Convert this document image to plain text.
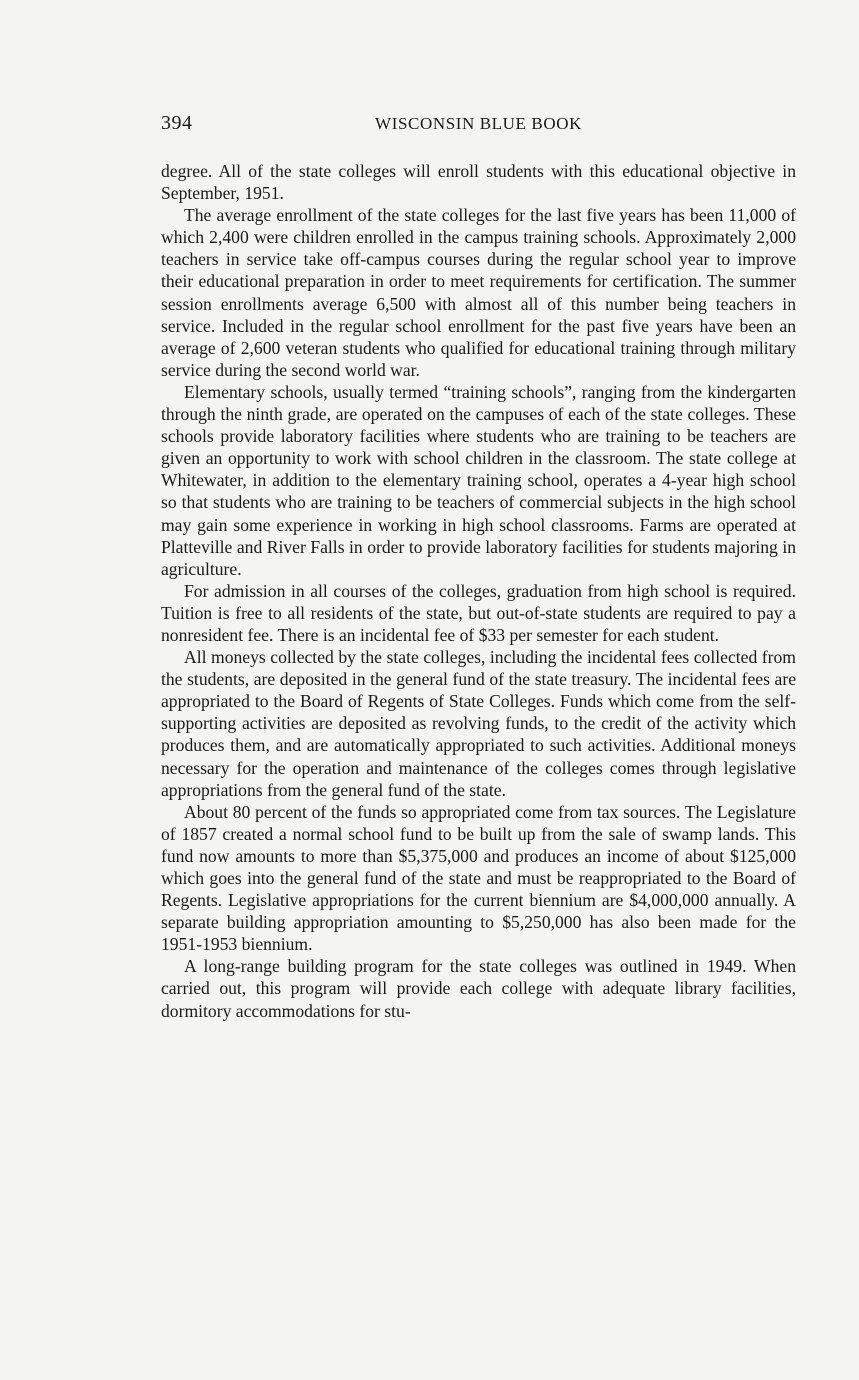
394	WISCONSIN BLUE BOOK

degree. All of the state colleges will enroll students with this educational objective in September, 1951.

The average enrollment of the state colleges for the last five years has been 11,000 of which 2,400 were children enrolled in the campus training schools. Approximately 2,000 teachers in service take off-campus courses during the regular school year to improve their educational preparation in order to meet requirements for certification. The summer session enrollments average 6,500 with almost all of this number being teachers in service. Included in the regular school enrollment for the past five years have been an average of 2,600 veteran students who qualified for educational training through military service during the second world war.

Elementary schools, usually termed “training schools”, ranging from the kindergarten through the ninth grade, are operated on the campuses of each of the state colleges. These schools provide laboratory facilities where students who are training to be teachers are given an opportunity to work with school children in the classroom. The state college at Whitewater, in addition to the elementary training school, operates a 4-year high school so that students who are training to be teachers of commercial subjects in the high school may gain some experience in working in high school classrooms. Farms are operated at Platteville and River Falls in order to provide laboratory facilities for students majoring in agriculture.

For admission in all courses of the colleges, graduation from high school is required. Tuition is free to all residents of the state, but out-of-state students are required to pay a nonresident fee. There is an incidental fee of $33 per semester for each student.

All moneys collected by the state colleges, including the incidental fees collected from the students, are deposited in the general fund of the state treasury. The incidental fees are appropriated to the Board of Regents of State Colleges. Funds which come from the self-supporting activities are deposited as revolving funds, to the credit of the activity which produces them, and are automatically appropriated to such activities. Additional moneys necessary for the operation and maintenance of the colleges comes through legislative appropriations from the general fund of the state.

About 80 percent of the funds so appropriated come from tax sources. The Legislature of 1857 created a normal school fund to be built up from the sale of swamp lands. This fund now amounts to more than $5,375,000 and produces an income of about $125,000 which goes into the general fund of the state and must be reappropriated to the Board of Regents. Legislative appropriations for the current biennium are $4,000,000 annually. A separate building appropriation amounting to $5,250,000 has also been made for the 1951-1953 biennium.

A long-range building program for the state colleges was outlined in 1949. When carried out, this program will provide each college with adequate library facilities, dormitory accommodations for stu-
